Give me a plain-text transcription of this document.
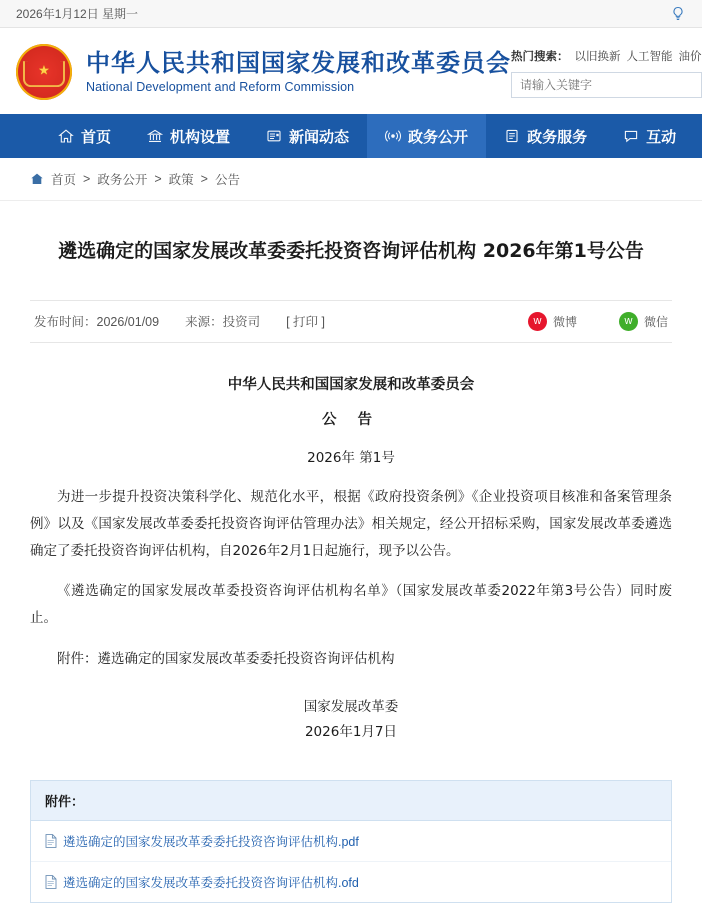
2026年1月12日 星期一
★ 中华人民共和国国家发展和改革委员会
National Development and Reform Commission
热门搜索： 以旧换新 人工智能 油价
请输入关键字
首页	机构设置	新闻动态	政务公开	政务服务	互动
首页 > 政务公开 > 政策 > 公告
遴选确定的国家发展改革委委托投资咨询评估机构 2026年第1号公告
发布时间：2026/01/09 来源：投资司 [ 打印 ]	w 微博	w 微信
中华人民共和国国家发展和改革委员会
公 告
2026年 第1号

为进一步提升投资决策科学化、规范化水平，根据《政府投资条例》《企业投资项目核准和备案管理条例》以及《国家发展改革委委托投资咨询评估管理办法》相关规定，经公开招标采购，国家发展改革委遴选确定了委托投资咨询评估机构，自2026年2月1日起施行，现予以公告。

《遴选确定的国家发展改革委投资咨询评估机构名单》（国家发展改革委2022年第3号公告）同时废止。

附件：遴选确定的国家发展改革委委托投资咨询评估机构

国家发展改革委
2026年1月7日
附件：
遴选确定的国家发展改革委委托投资咨询评估机构.pdf
遴选确定的国家发展改革委委托投资咨询评估机构.ofd
